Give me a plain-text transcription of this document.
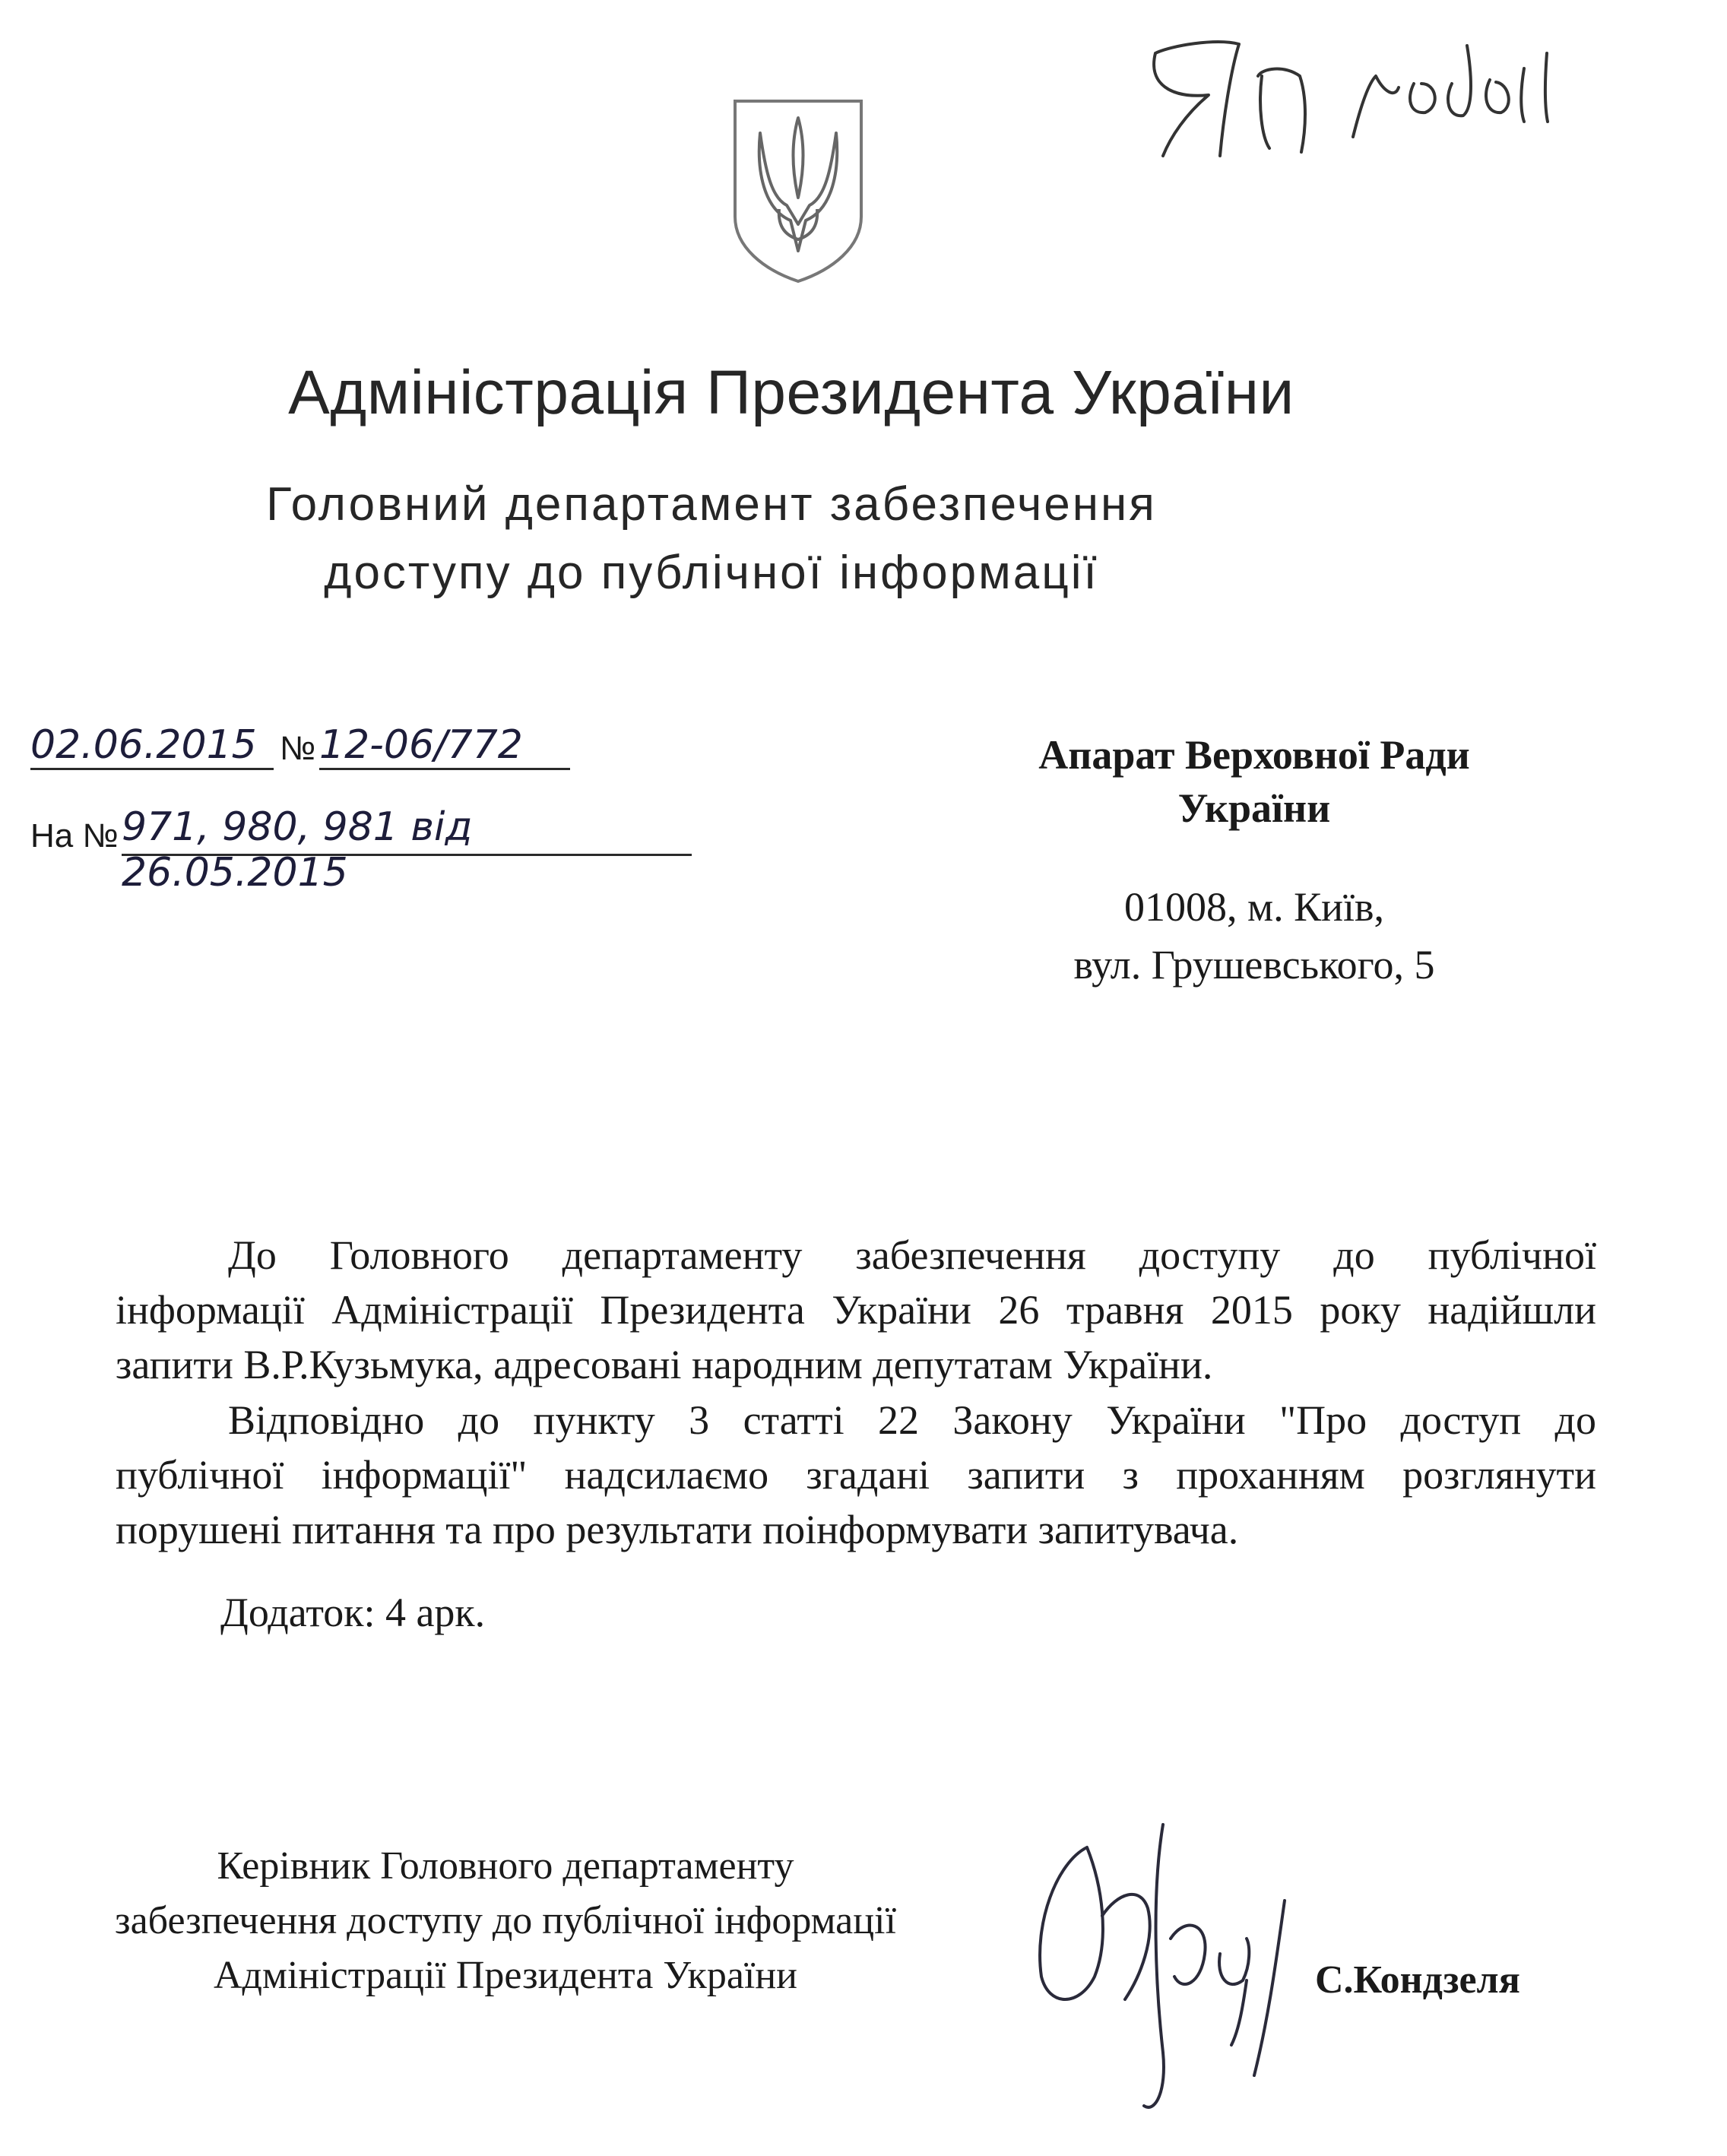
Адміністрація Президента України
Головний департамент забезпечення
доступу до публічної інформації
02.06.2015 № 12-06/772
На № 971, 980, 981 від 26.05.2015
Апарат Верховної Ради
України
01008, м. Київ,
вул. Грушевського, 5
До Головного департаменту забезпечення доступу до публічної
інформації Адміністрації Президента України 26 травня 2015 року надійшли
запити В.Р.Кузьмука, адресовані народним депутатам України.
Відповідно до пункту 3 статті 22 Закону України "Про доступ до
публічної інформації" надсилаємо згадані запити з проханням розглянути
порушені питання та про результати поінформувати запитувача.
Додаток: 4 арк.
Керівник Головного департаменту
забезпечення доступу до публічної інформації
Адміністрації Президента України	С.Кондзеля
